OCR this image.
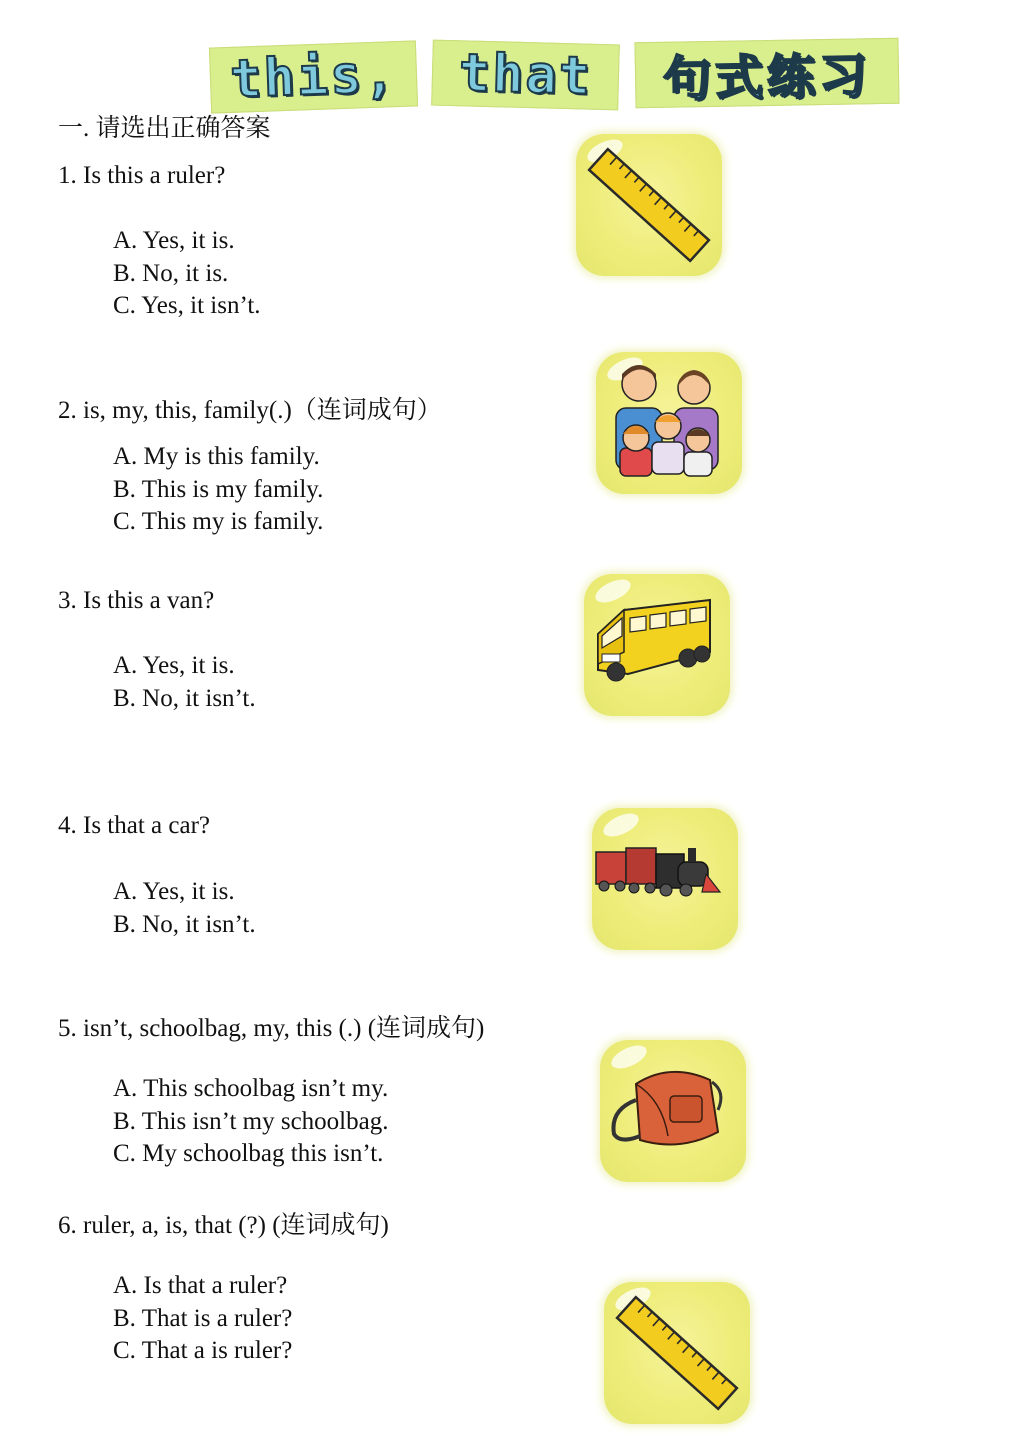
this, that 句式练习
一. 请选出正确答案
1. Is this a ruler?
A. Yes, it is.
B. No, it is.
C. Yes, it isn’t.
2. is, my, this, family(.)（连词成句）
A. My is this family.
B. This is my family.
C. This my is family.
3. Is this a van?
A. Yes, it is.
B. No, it isn’t.
4. Is that a car?
A. Yes, it is.
B. No, it isn’t.
5. isn’t, schoolbag, my, this (.) (连词成句)
A. This schoolbag isn’t my.
B. This isn’t my schoolbag.
C. My schoolbag this isn’t.
6. ruler, a, is, that (?) (连词成句)
A. Is that a ruler?
B. That is a ruler?
C. That a is ruler?
